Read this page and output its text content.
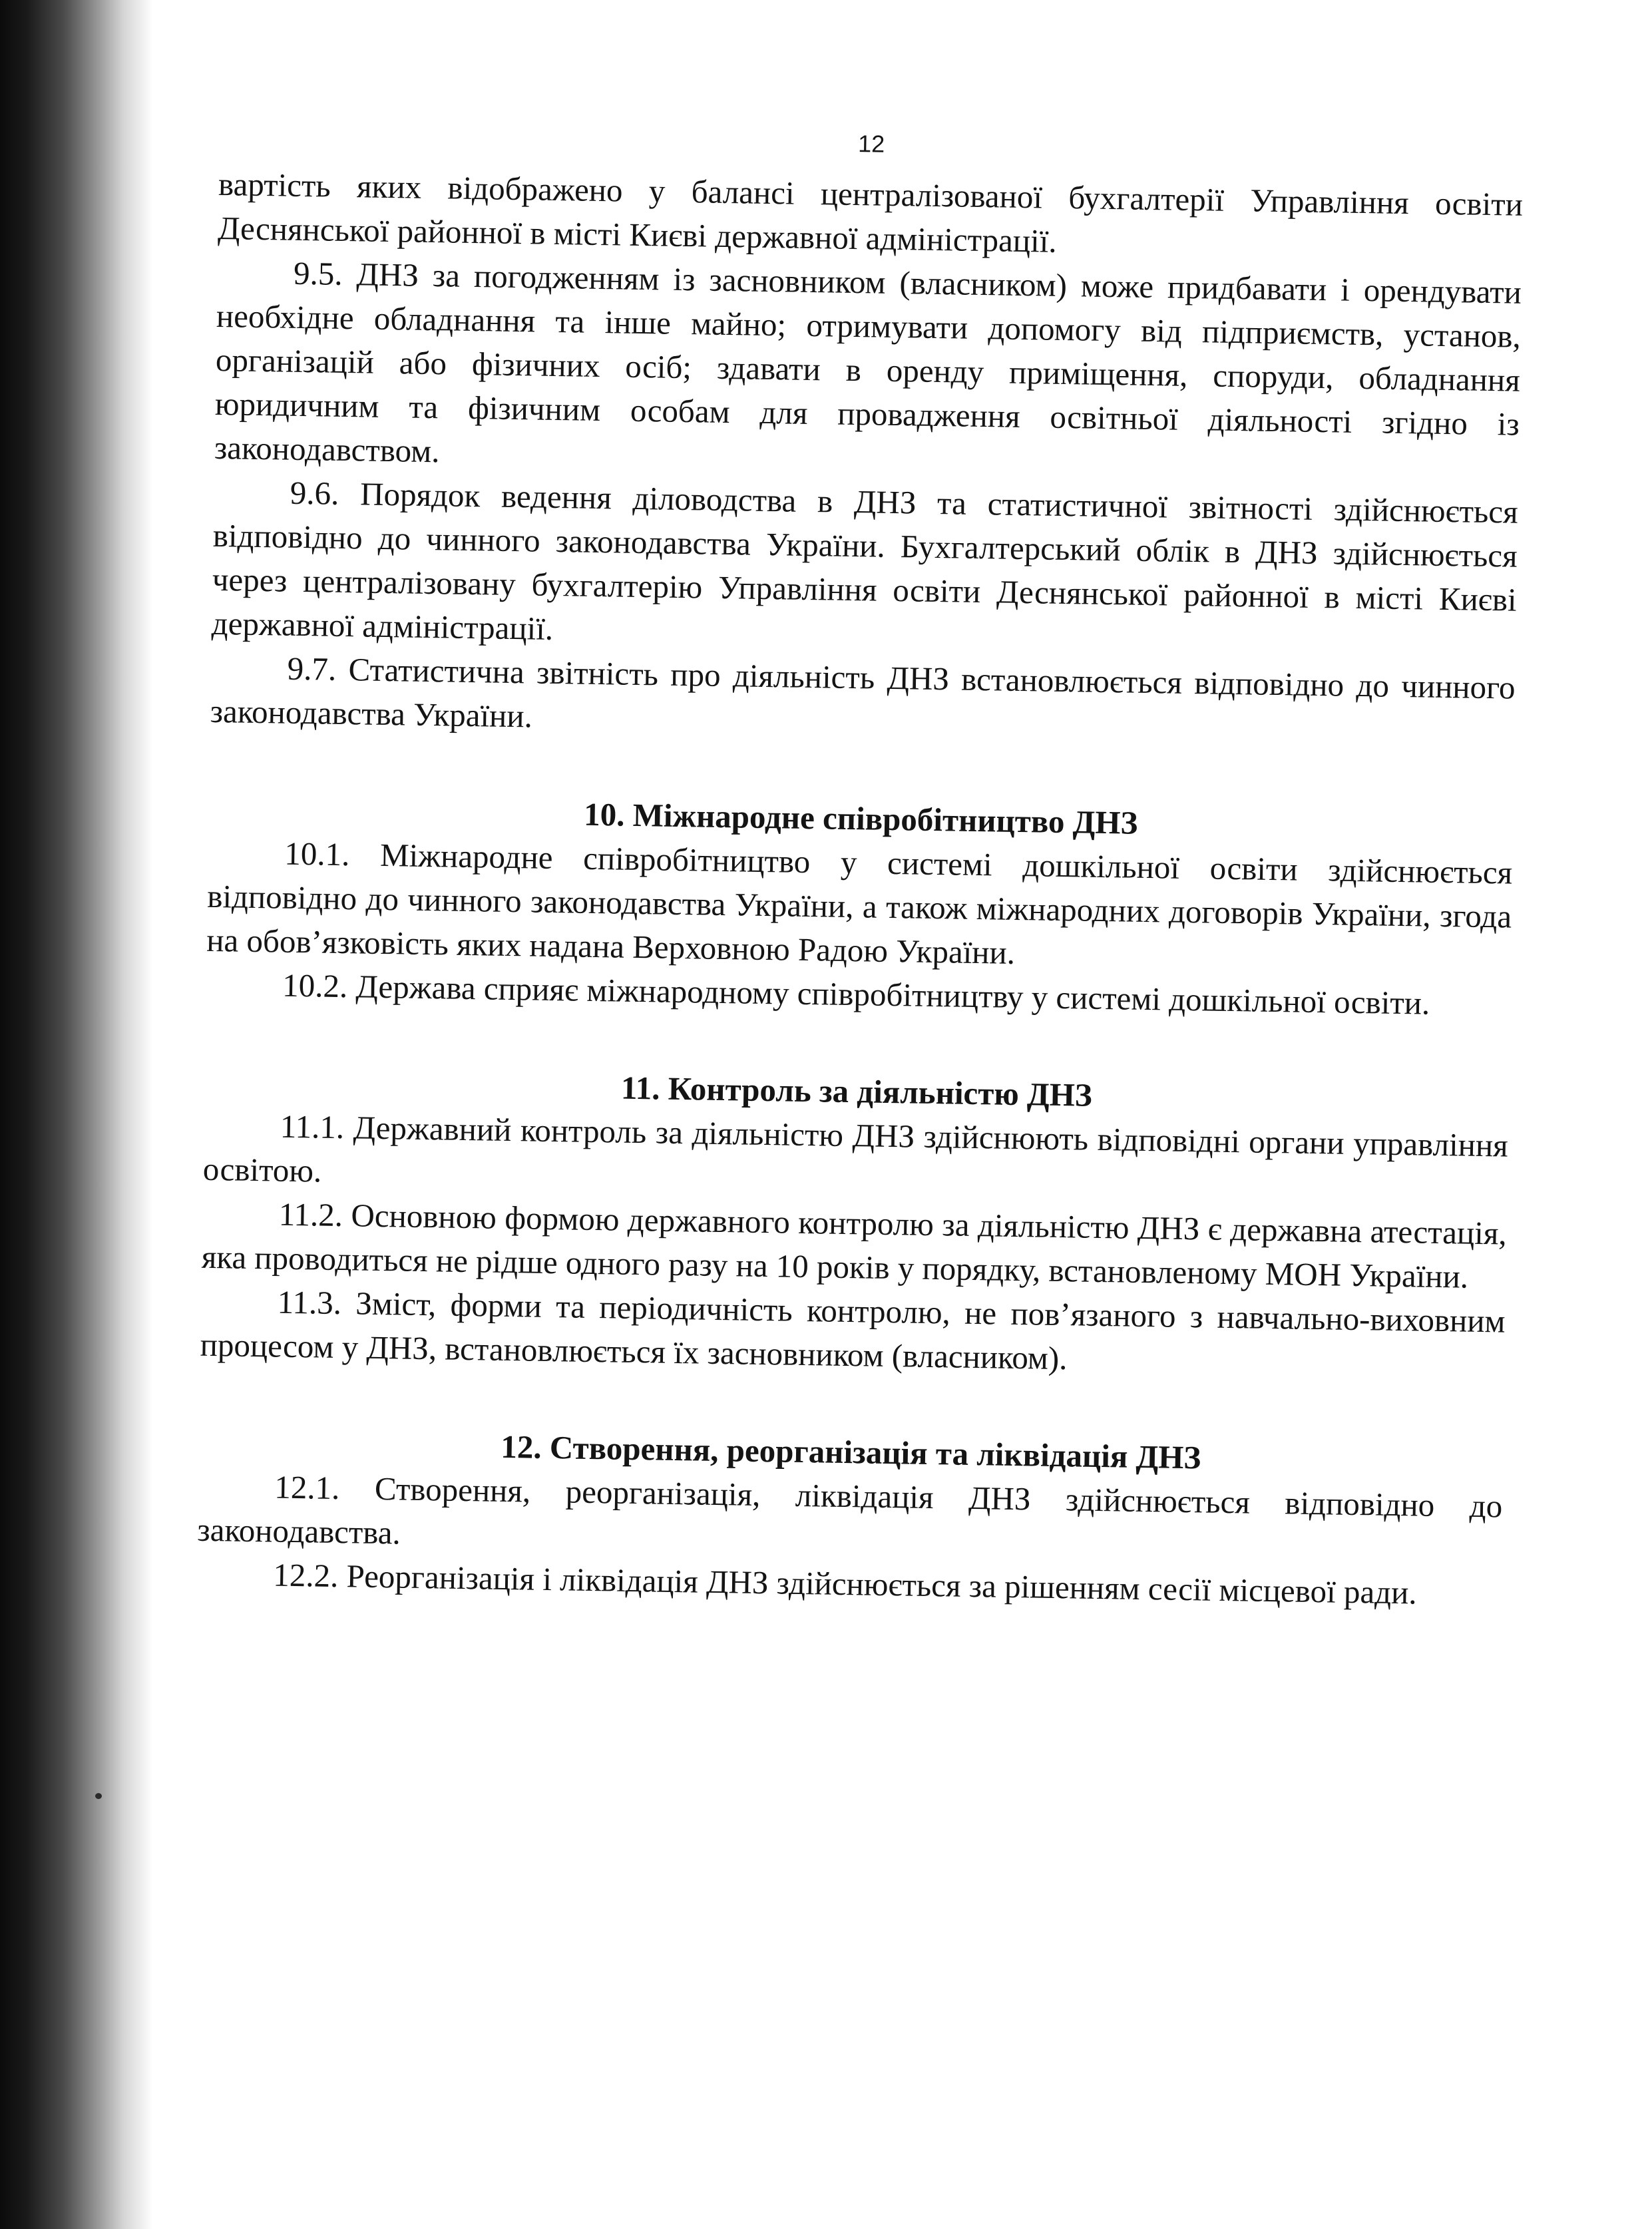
12

вартість яких відображено у балансі централізованої бухгалтерії Управління освіти Деснянської районної в місті Києві державної адміністрації.

9.5. ДНЗ за погодженням із засновником (власником) може придбавати і орендувати необхідне обладнання та інше майно; отримувати допомогу від підприємств, установ, організацій або фізичних осіб; здавати в оренду приміщення, споруди, обладнання юридичним та фізичним особам для провадження освітньої діяльності згідно із законодавством.

9.6. Порядок ведення діловодства в ДНЗ та статистичної звітності здійснюється відповідно до чинного законодавства України. Бухгалтерський облік в ДНЗ здійснюється через централізовану бухгалтерію Управління освіти Деснянської районної в місті Києві державної адміністрації.

9.7. Статистична звітність про діяльність ДНЗ встановлюється відповідно до чинного законодавства України.

10. Міжнародне співробітництво ДНЗ

10.1. Міжнародне співробітництво у системі дошкільної освіти здійснюється відповідно до чинного законодавства України, а також міжнародних договорів України, згода на обов’язковість яких надана Верховною Радою України.

10.2. Держава сприяє міжнародному співробітництву у системі дошкільної освіти.

11. Контроль за діяльністю ДНЗ

11.1. Державний контроль за діяльністю ДНЗ здійснюють відповідні органи управління освітою.

11.2. Основною формою державного контролю за діяльністю ДНЗ є державна атестація, яка проводиться не рідше одного разу на 10 років у порядку, встановленому МОН України.

11.3. Зміст, форми та періодичність контролю, не пов’язаного з навчально-виховним процесом у ДНЗ, встановлюється їх засновником (власником).

12. Створення, реорганізація та ліквідація ДНЗ

12.1. Створення, реорганізація, ліквідація ДНЗ здійснюється відповідно до законодавства.

12.2. Реорганізація і ліквідація ДНЗ здійснюється за рішенням сесії місцевої ради.
